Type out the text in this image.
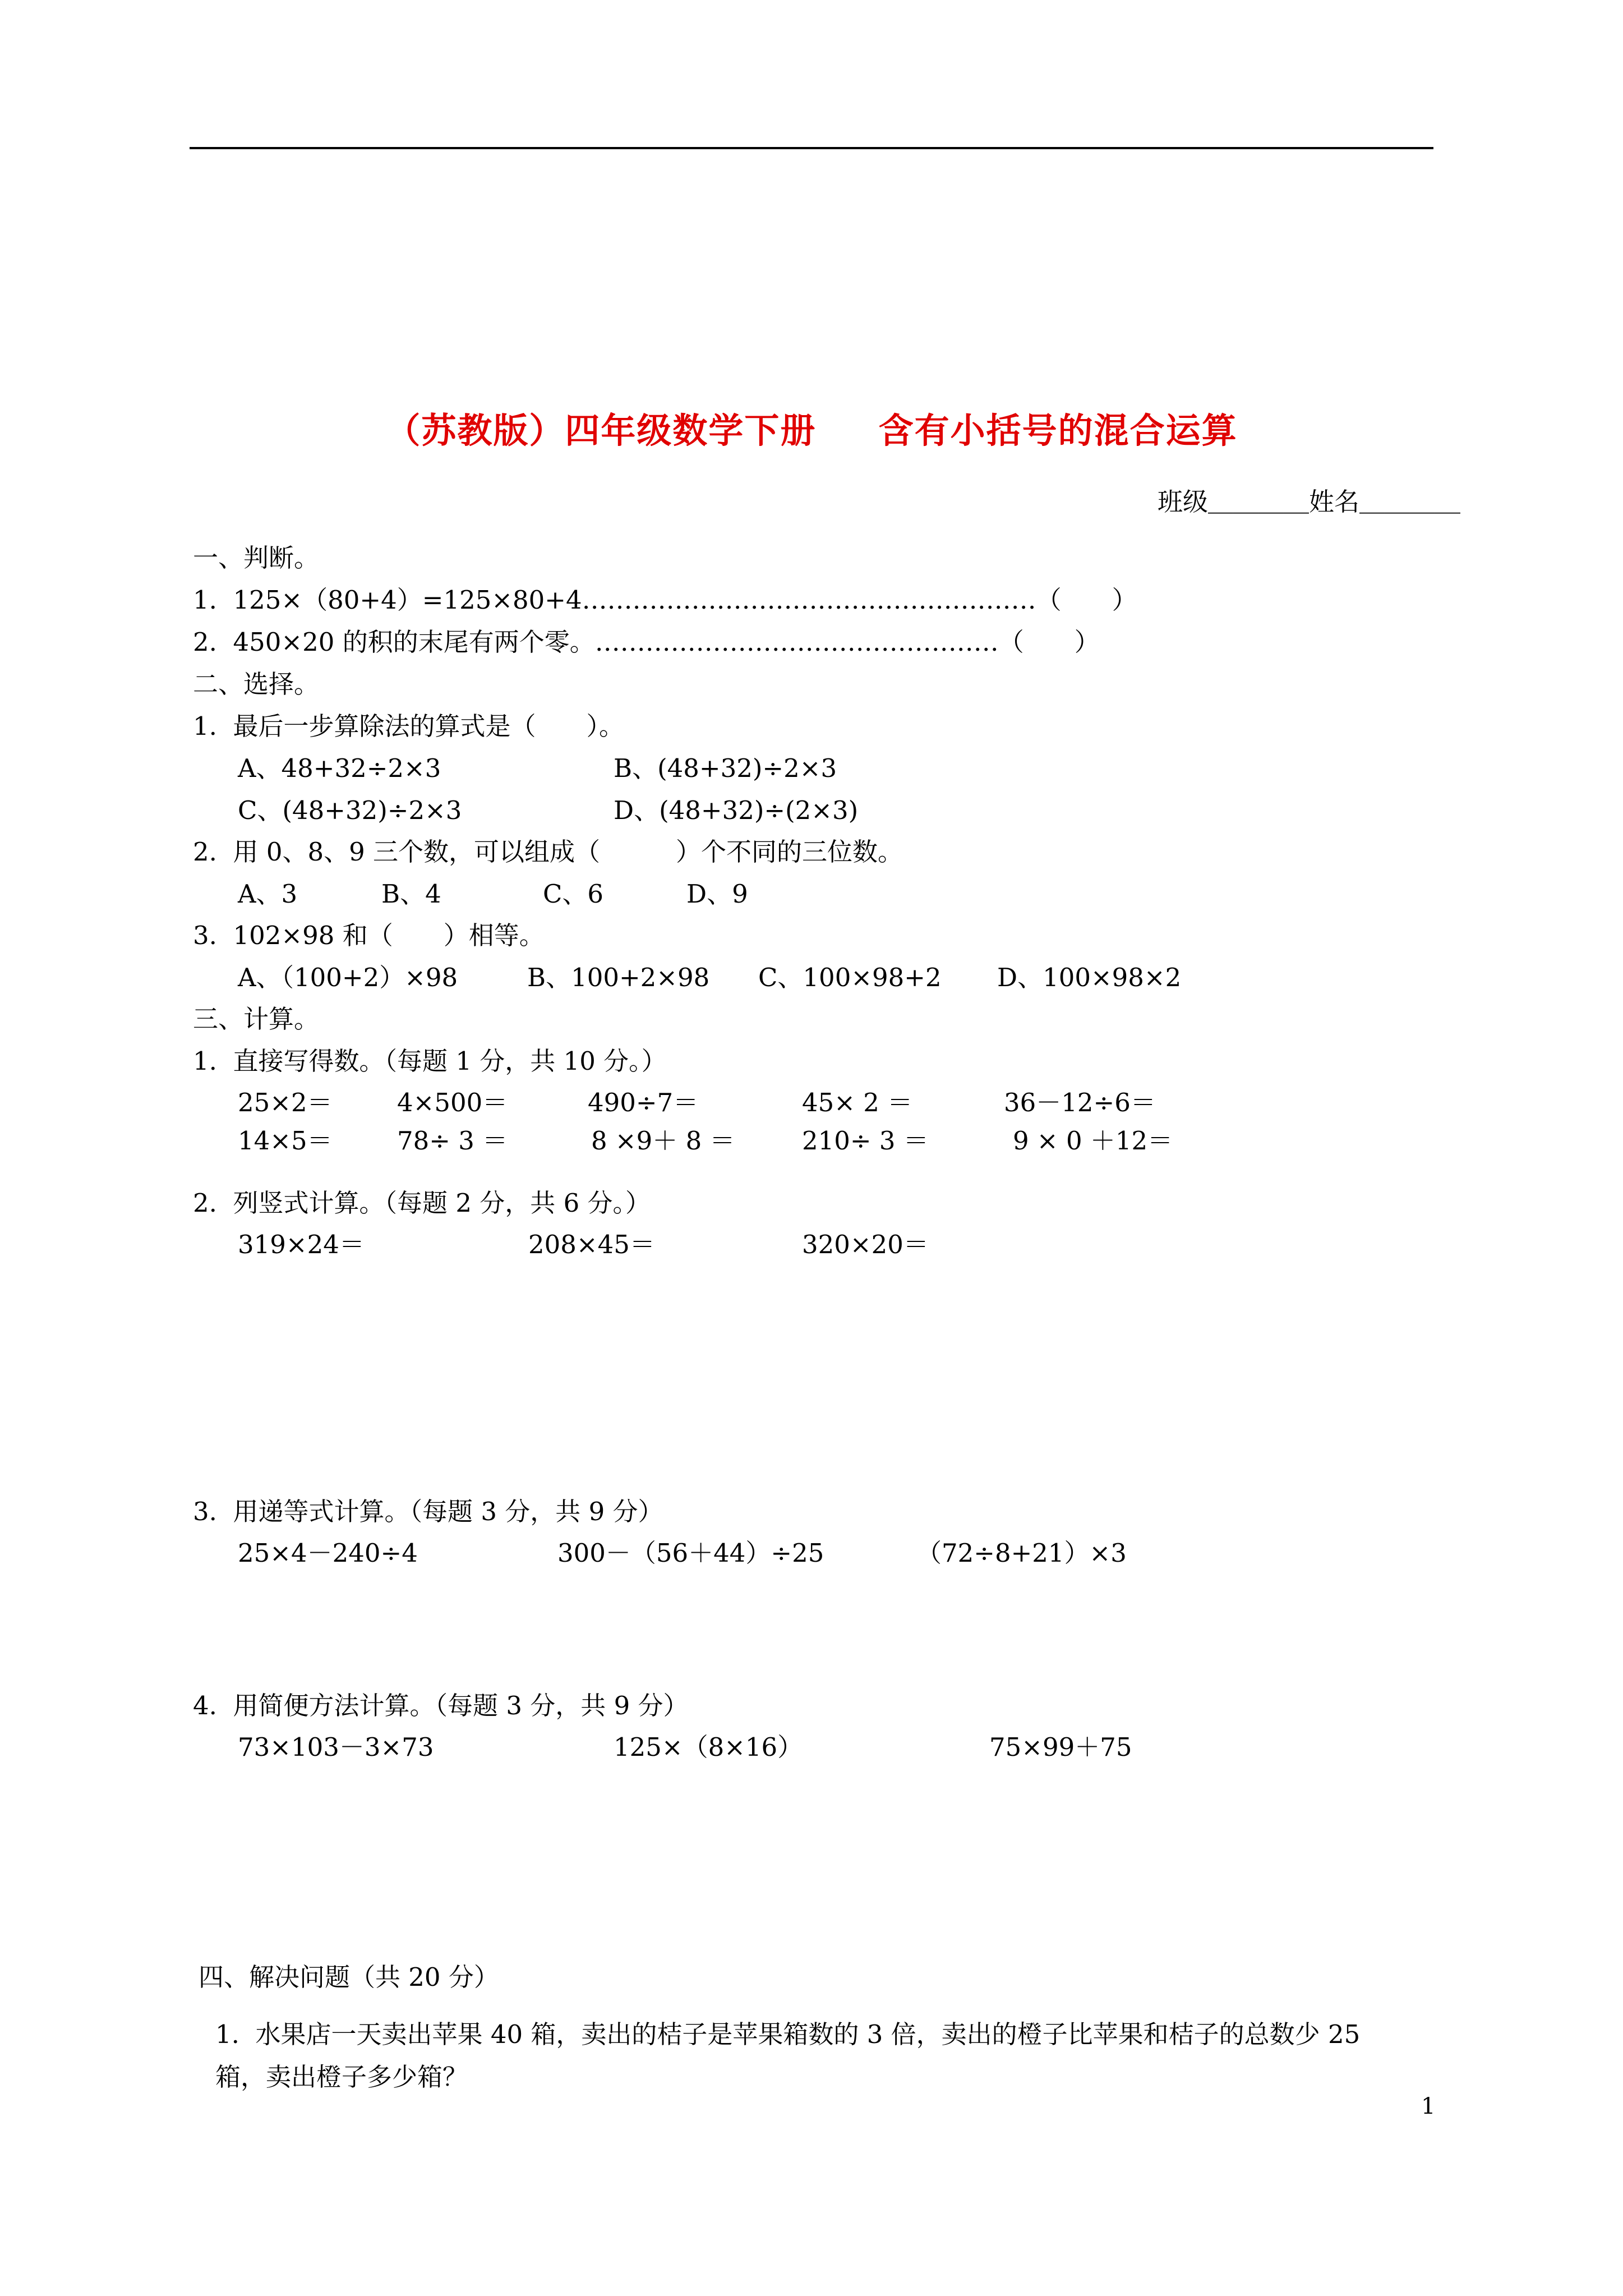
（苏教版）四年级数学下册 　 含有小括号的混合运算
班级＿＿＿＿姓名＿＿＿＿
一、判断。
1.  125×（80+4）=125×80+4………………………………………………（　　）
2.  450×20 的积的末尾有两个零。…………………………………………（　　）
二、选择。
1.  最后一步算除法的算式是（　　）。
A、48+32÷2×3	B、(48+32)÷2×3
C、(48+32)÷2×3	D、(48+32)÷(2×3)
2.  用 0、8、9 三个数，可以组成（　　　）个不同的三位数。
A、3	B、4	C、6	D、9
3.  102×98 和（　　）相等。
A、（100+2）×98	B、100+2×98 C、100×98+2 D、100×98×2
三、计算。
1.  直接写得数。（每题 1 分，共 10 分。）
25×2＝	4×500＝	490÷7＝	45× 2 ＝	36－12÷6＝
14×5＝	78÷ 3 ＝	8 ×9＋ 8 ＝	210÷ 3 ＝	9 × 0 ＋12＝
2.  列竖式计算。（每题 2 分，共 6 分。）
319×24＝	208×45＝	320×20＝
3.  用递等式计算。（每题 3 分，共 9 分）
25×4－240÷4	300－（56＋44）÷25	（72÷8+21）×3
4.  用简便方法计算。（每题 3 分，共 9 分）
73×103－3×73	125×（8×16）	75×99＋75
四、解决问题（共 20 分）
1.  水果店一天卖出苹果 40 箱，卖出的桔子是苹果箱数的 3 倍，卖出的橙子比苹果和桔子的总数少 25
箱，卖出橙子多少箱？
1
